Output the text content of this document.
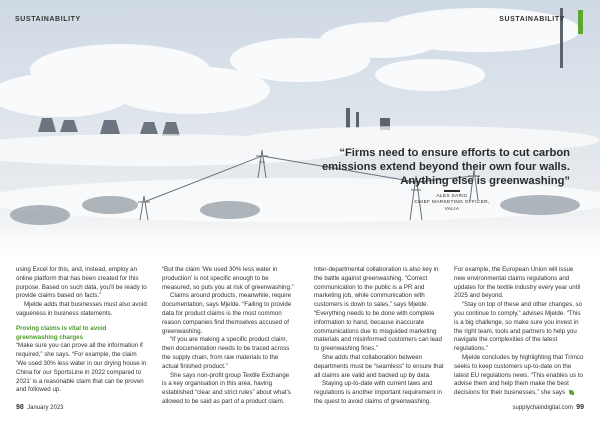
SUSTAINABILITY	SUSTAINABILITY
“Firms need to ensure efforts to cut carbon emissions extend beyond their own four walls. Anything else is greenwashing”
ALEX SARIC
CHIEF MARKETING OFFICER,
VALIA

using Excel for this, and, instead, employ an online platform that has been created for this purpose. Based on such data, you’ll be ready to provide claims based on facts.”

Mjelde adds that businesses must also avoid vagueness in business statements.

Proving claims is vital to avoid greenwashing charges

“Make sure you can prove all the information if required,” she says. “For example, the claim ‘We used 30% less water in our drying house in China for our SportsLine in 2022 compared to 2021’ is a reasonable claim that can be proven and followed up.

“But the claim ‘We used 30% less water in production’ is not specific enough to be measured, so puts you at risk of greenwashing.”

Claims around products, meanwhile, require documentation, says Mjelde. “Failing to provide data for product claims is the most common reason companies find themselves accused of greenwashing.

“If you are making a specific product claim, then documentation needs to be traced across the supply chain, from raw materials to the actual finished product.”

She says non-profit group Textile Exchange is a key organisation in this area, having established “clear and strict rules” about what’s allowed to be said as part of a product claim.

Inter-departmental collaboration is also key in the battle against greenwashing. “Correct communication to the public is a PR and marketing job, while communication with customers is down to sales,” says Mjelde. “Everything needs to be done with complete information to hand, because inaccurate communications due to misguided marketing materials and misinformed customers can lead to greenwashing fines.”

She adds that collaboration between departments must be “seamless” to ensure that all claims are valid and backed up by data.

Staying up-to-date with current laws and regulations is another important requirement in the quest to avoid claims of greenwashing.

For example, the European Union will issue new environmental claims regulations and updates for the textile industry every year until 2025 and beyond.

“Stay on top of these and other changes, so you continue to comply,” advises Mjelde. “This is a big challenge, so make sure you invest in the right team, tools and partners to help you navigate the complexities of the latest regulations.”

Mjelde concludes by highlighting that Trimco seeks to keep customers up-to-date on the latest EU regulations news. “This enables us to advise them and help them make the best decisions for their businesses,” she says

98 January 2023	supplychaindigital.com 99
